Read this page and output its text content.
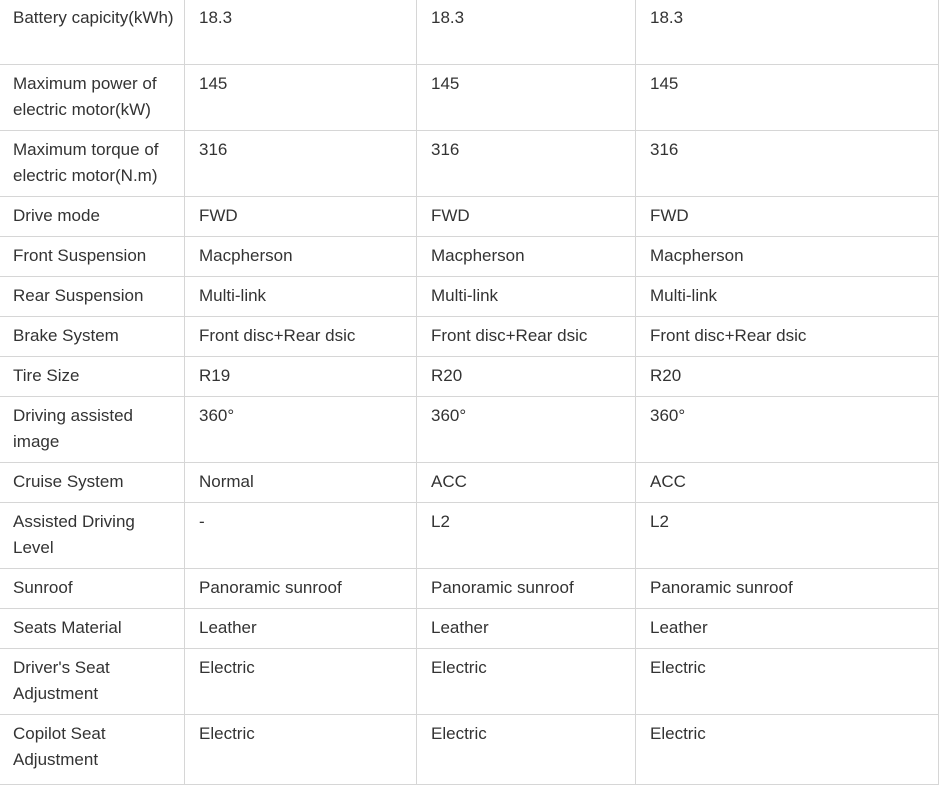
Battery capicity(kWh)	18.3	18.3	18.3
Maximum power of electric motor(kW)	145	145	145
Maximum torque of electric motor(N.m)	316	316	316
Drive mode	FWD	FWD	FWD
Front Suspension	Macpherson	Macpherson	Macpherson
Rear Suspension	Multi-link	Multi-link	Multi-link
Brake System	Front disc+Rear dsic	Front disc+Rear dsic	Front disc+Rear dsic
Tire Size	R19	R20	R20
Driving assisted image	360°	360°	360°
Cruise System	Normal	ACC	ACC
Assisted Driving Level	-	L2	L2
Sunroof	Panoramic sunroof	Panoramic sunroof	Panoramic sunroof
Seats Material	Leather	Leather	Leather
Driver's Seat Adjustment	Electric	Electric	Electric
Copilot Seat Adjustment	Electric	Electric	Electric
